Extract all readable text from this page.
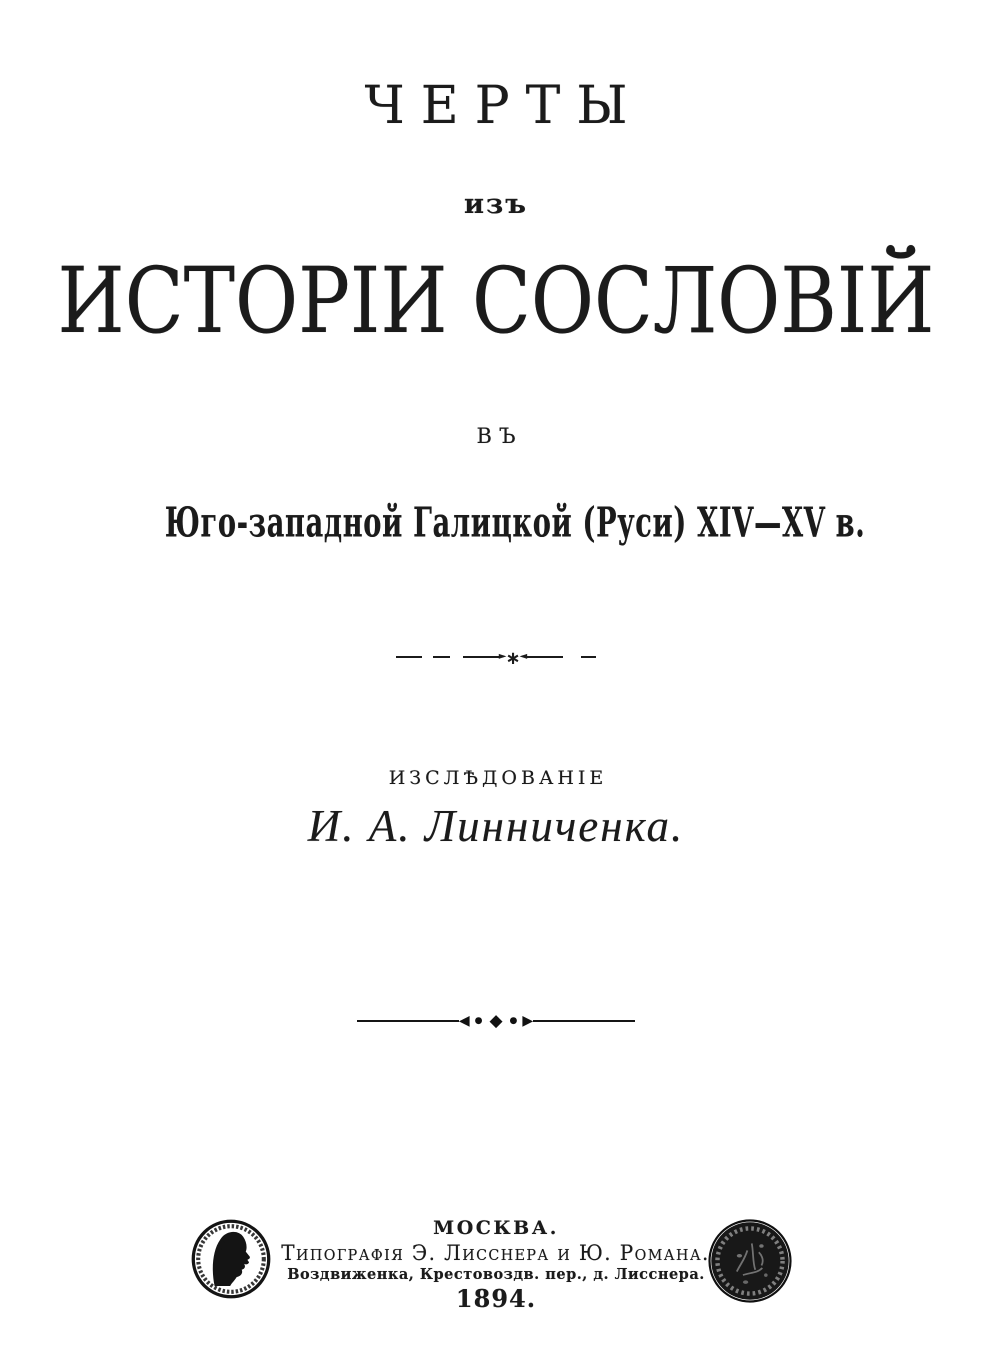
ЧЕРТЫ
изъ
ИСТОРІИ СОСЛОВІЙ
ВЪ
Юго-западной Галицкой (Руси) XIV—XV в.
► ∗ ◄
ИЗСЛѢДОВАНІЕ
И. А. Линниченка.
◀ ● ◆ ● ▶
МОСКВА.
Типографія Э. Лисснера и Ю. Романа.
Воздвиженка, Крестовоздв. пер., д. Лисснера.
1894.
